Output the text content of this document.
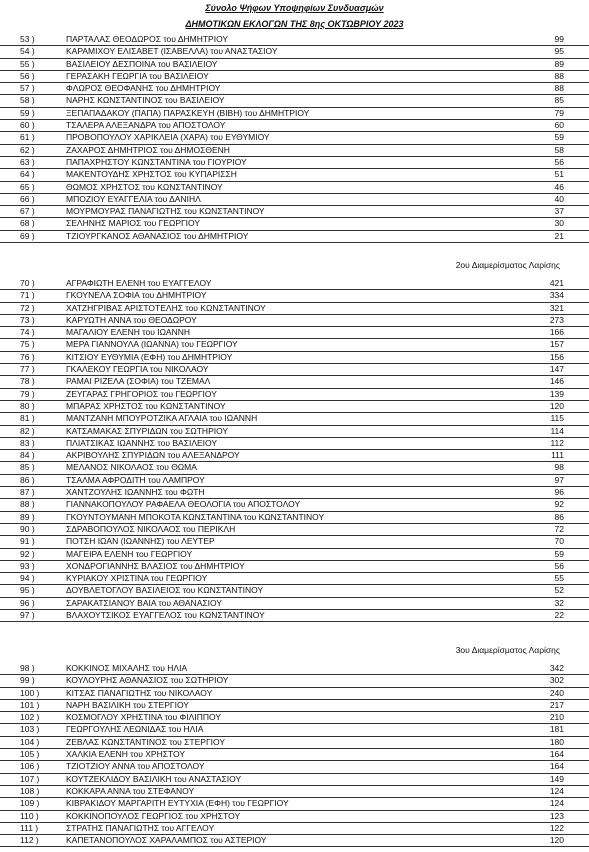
Σύνολο Ψήφων Υποψηφίων Συνδυασμών
ΔΗΜΟΤΙΚΩΝ ΕΚΛΟΓΩΝ ΤΗΣ 8ης ΟΚΤΩΒΡΙΟΥ 2023
53 )	ΠΑΡΤΑΛΑΣ ΘΕΟΔΩΡΟΣ του ΔΗΜΗΤΡΙΟΥ	99
54 )	ΚΑΡΑΜΙΧΟΥ ΕΛΙΣΑΒΕΤ (ΙΣΑΒΕΛΛΑ) του ΑΝΑΣΤΑΣΙΟΥ	95
55 )	ΒΑΣΙΛΕΙΟΥ ΔΕΣΠΟΙΝΑ του ΒΑΣΙΛΕΙΟΥ	89
56 )	ΓΕΡΑΣΑΚΗ ΓΕΩΡΓΙΑ του ΒΑΣΙΛΕΙΟΥ	88
57 )	ΦΛΩΡΟΣ ΘΕΟΦΑΝΗΣ του ΔΗΜΗΤΡΙΟΥ	88
58 )	ΝΑΡΗΣ ΚΩΝΣΤΑΝΤΙΝΟΣ του ΒΑΣΙΛΕΙΟΥ	85
59 )	ΞΕΠΑΠΑΔΑΚΟΥ (ΠΑΠΑ) ΠΑΡΑΣΚΕΥΗ (ΒΙΒΗ) του ΔΗΜΗΤΡΙΟΥ	79
60 )	ΤΣΑΛΕΡΑ ΑΛΕΞΑΝΔΡΑ του ΑΠΟΣΤΟΛΟΥ	60
61 )	ΠΡΟΒΟΠΟΥΛΟΥ ΧΑΡΙΚΛΕΙΑ (ΧΑΡΑ) του ΕΥΘΥΜΙΟΥ	59
62 )	ΖΑΧΑΡΟΣ ΔΗΜΗΤΡΙΟΣ του ΔΗΜΟΣΘΕΝΗ	58
63 )	ΠΑΠΑΧΡΗΣΤΟΥ ΚΩΝΣΤΑΝΤΙΝΑ του ΓΙΟΥΡΙΟΥ	56
64 )	ΜΑΚΕΝΤΟΥΔΗΣ ΧΡΗΣΤΟΣ του ΚΥΠΑΡΙΣΣΗ	51
65 )	ΘΩΜΟΣ ΧΡΗΣΤΟΣ του ΚΩΝΣΤΑΝΤΙΝΟΥ	46
66 )	ΜΠΟΖΙΟΥ ΕΥΑΓΓΕΛΙΑ του ΔΑΝΙΗΛ	40
67 )	ΜΟΥΡΜΟΥΡΑΣ ΠΑΝΑΓΙΩΤΗΣ του ΚΩΝΣΤΑΝΤΙΝΟΥ	37
68 )	ΣΕΛΗΝΗΣ ΜΑΡΙΟΣ του ΓΕΩΡΓΙΟΥ	30
69 )	ΤΖΙΟΥΡΓΚΑΝΟΣ ΑΘΑΝΑΣΙΟΣ του ΔΗΜΗΤΡΙΟΥ	21
2ου Διαμερίσματος Λαρίσης
70 )	ΑΓΡΑΦΙΩΤΗ ΕΛΕΝΗ του ΕΥΑΓΓΕΛΟΥ	421
71 )	ΓΚΟΥΝΕΛΑ ΣΟΦΙΑ του ΔΗΜΗΤΡΙΟΥ	334
72 )	ΧΑΤΖΗΓΡΙΒΑΣ ΑΡΙΣΤΟΤΕΛΗΣ του ΚΩΝΣΤΑΝΤΙΝΟΥ	321
73 )	ΚΑΡΥΩΤΗ ΑΝΝΑ του ΘΕΟΔΩΡΟΥ	273
74 )	ΜΑΓΑΛΙΟΥ ΕΛΕΝΗ του ΙΩΑΝΝΗ	166
75 )	ΜΕΡΑ ΓΙΑΝΝΟΥΛΑ (ΙΩΑΝΝΑ) του ΓΕΩΡΓΙΟΥ	157
76 )	ΚΙΤΣΙΟΥ ΕΥΘΥΜΙΑ (ΕΦΗ) του ΔΗΜΗΤΡΙΟΥ	156
77 )	ΓΚΑΛΕΚΟΥ ΓΕΩΡΓΙΑ του ΝΙΚΟΛΑΟΥ	147
78 )	ΡΑΜΑΙ ΡΙΖΕΛΑ (ΣΟΦΙΑ) του ΤΖΕΜΑΛ	146
79 )	ΖΕΥΓΑΡΑΣ ΓΡΗΓΟΡΙΟΣ του ΓΕΩΡΓΙΟΥ	139
80 )	ΜΠΑΡΑΣ ΧΡΗΣΤΟΣ του ΚΩΝΣΤΑΝΤΙΝΟΥ	120
81 )	ΜΑΝΤΖΑΝΗ ΜΠΟΥΡΟΤΖΙΚΑ ΑΓΛΑΙΑ του ΙΩΑΝΝΗ	115
82 )	ΚΑΤΣΑΜΑΚΑΣ ΣΠΥΡΙΔΩΝ του ΣΩΤΗΡΙΟΥ	114
83 )	ΠΛΙΑΤΣΙΚΑΣ ΙΩΑΝΝΗΣ του ΒΑΣΙΛΕΙΟΥ	112
84 )	ΑΚΡΙΒΟΥΛΗΣ ΣΠΥΡΙΔΩΝ του ΑΛΕΞΑΝΔΡΟΥ	111
85 )	ΜΕΛΑΝΟΣ ΝΙΚΟΛΑΟΣ του ΘΩΜΑ	98
86 )	ΤΣΑΛΜΑ ΑΦΡΟΔΙΤΗ του ΛΑΜΠΡΟΥ	97
87 )	ΧΑΝΤΖΟΥΛΗΣ ΙΩΑΝΝΗΣ του ΦΩΤΗ	96
88 )	ΓΙΑΝΝΑΚΟΠΟΥΛΟΥ ΡΑΦΑΕΛΑ ΘΕΟΛΟΓΙΑ του ΑΠΟΣΤΟΛΟΥ	92
89 )	ΓΚΟΥΝΤΟΥΜΑΝΗ ΜΠΟΚΟΤΑ ΚΩΝΣΤΑΝΤΙΝΑ του ΚΩΝΣΤΑΝΤΙΝΟΥ	86
90 )	ΣΔΡΑΒΟΠΟΥΛΟΣ ΝΙΚΟΛΑΟΣ του ΠΕΡΙΚΛΗ	72
91 )	ΠΟΤΣΗ ΙΩΑΝ (ΙΩΑΝΝΗΣ) του ΛΕΥΤΕΡ	70
92 )	ΜΑΓΕΙΡΑ ΕΛΕΝΗ του ΓΕΩΡΓΙΟΥ	59
93 )	ΧΟΝΔΡΟΓΙΑΝΝΗΣ ΒΛΑΣΙΟΣ του ΔΗΜΗΤΡΙΟΥ	56
94 )	ΚΥΡΙΑΚΟΥ ΧΡΙΣΤΙΝΑ του ΓΕΩΡΓΙΟΥ	55
95 )	ΔΟΥΒΛΕΤΟΓΛΟΥ ΒΑΣΙΛΕΙΟΣ του ΚΩΝΣΤΑΝΤΙΝΟΥ	52
96 )	ΣΑΡΑΚΑΤΣΙΑΝΟΥ ΒΑΙΑ του ΑΘΑΝΑΣΙΟΥ	32
97 )	ΒΛΑΧΟΥΤΣΙΚΟΣ ΕΥΑΓΓΕΛΟΣ του ΚΩΝΣΤΑΝΤΙΝΟΥ	22
3ου Διαμερίσματος Λαρίσης
98 )	ΚΟΚΚΙΝΟΣ ΜΙΧΑΛΗΣ του ΗΛΙΑ	342
99 )	ΚΟΥΛΟΥΡΗΣ ΑΘΑΝΑΣΙΟΣ του ΣΩΤΗΡΙΟΥ	302
100 )	ΚΙΤΣΑΣ ΠΑΝΑΓΙΩΤΗΣ του ΝΙΚΟΛΑΟΥ	240
101 )	ΝΑΡΗ ΒΑΣΙΛΙΚΗ του ΣΤΕΡΓΙΟΥ	217
102 )	ΚΟΣΜΟΓΛΟΥ ΧΡΗΣΤΙΝΑ του ΦΙΛΙΠΠΟΥ	210
103 )	ΓΕΩΡΓΟΥΛΗΣ ΛΕΩΝΙΔΑΣ του ΗΛΙΑ	181
104 )	ΖΕΒΛΑΣ ΚΩΝΣΤΑΝΤΙΝΟΣ του ΣΤΕΡΓΙΟΥ	180
105 )	ΧΑΛΚΙΑ ΕΛΕΝΗ του ΧΡΗΣΤΟΥ	164
106 )	ΤΖΙΟΤΖΙΟΥ ΑΝΝΑ του ΑΠΟΣΤΟΛΟΥ	164
107 )	ΚΟΥΤΖΕΚΛΙΔΟΥ ΒΑΣΙΛΙΚΗ του ΑΝΑΣΤΑΣΙΟΥ	149
108 )	ΚΟΚΚΑΡΑ ΑΝΝΑ του ΣΤΕΦΑΝΟΥ	124
109 )	ΚΙΒΡΑΚΙΔΟΥ ΜΑΡΓΑΡΙΤΗ ΕΥΤΥΧΙΑ (ΕΦΗ) του ΓΕΩΡΓΙΟΥ	124
110 )	ΚΟΚΚΙΝΟΠΟΥΛΟΣ ΓΕΩΡΓΙΟΣ του ΧΡΗΣΤΟΥ	123
111 )	ΣΤΡΑΤΗΣ ΠΑΝΑΓΙΩΤΗΣ του ΑΓΓΕΛΟΥ	122
112 )	ΚΑΠΕΤΑΝΟΠΟΥΛΟΣ ΧΑΡΑΛΑΜΠΟΣ του ΑΣΤΕΡΙΟΥ	120
